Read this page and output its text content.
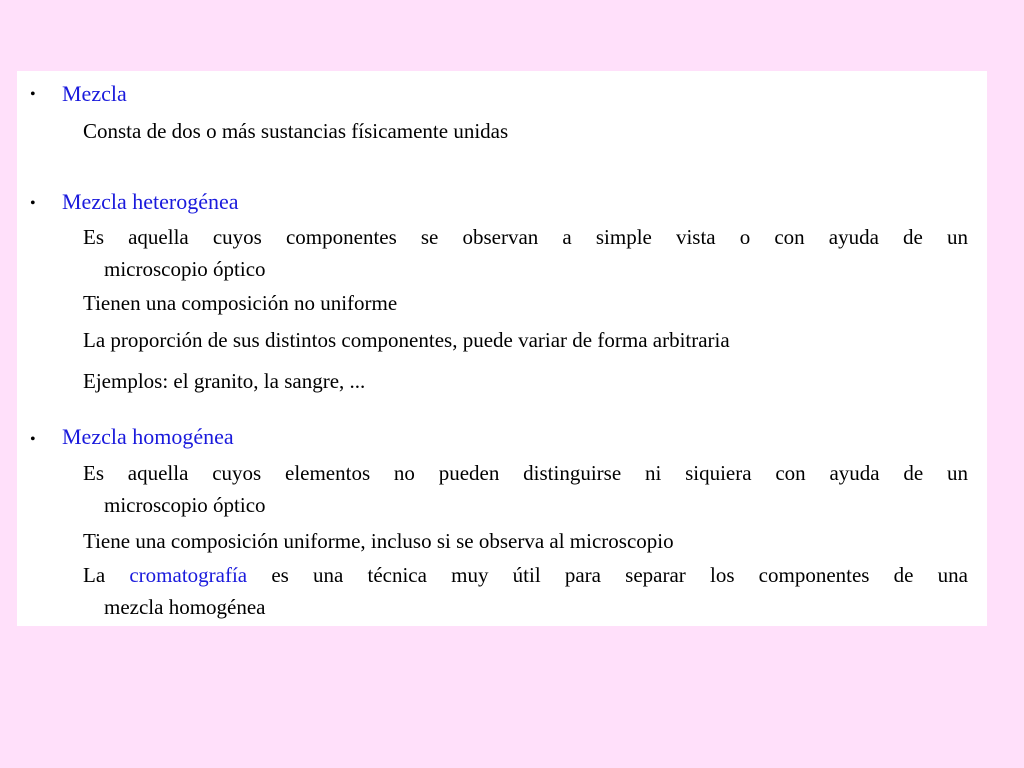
• Mezcla
Consta de dos o más sustancias físicamente unidas
• Mezcla heterogénea
Es aquella cuyos componentes se observan a simple vista o con ayuda de un
microscopio óptico
Tienen una composición no uniforme
La proporción de sus distintos componentes, puede variar de forma arbitraria
Ejemplos: el granito, la sangre, ...
• Mezcla homogénea
Es aquella cuyos elementos no pueden distinguirse ni siquiera con ayuda de un
microscopio óptico
Tiene una composición uniforme, incluso si se observa al microscopio
La cromatografía es una técnica muy útil para separar los componentes de una
mezcla homogénea
